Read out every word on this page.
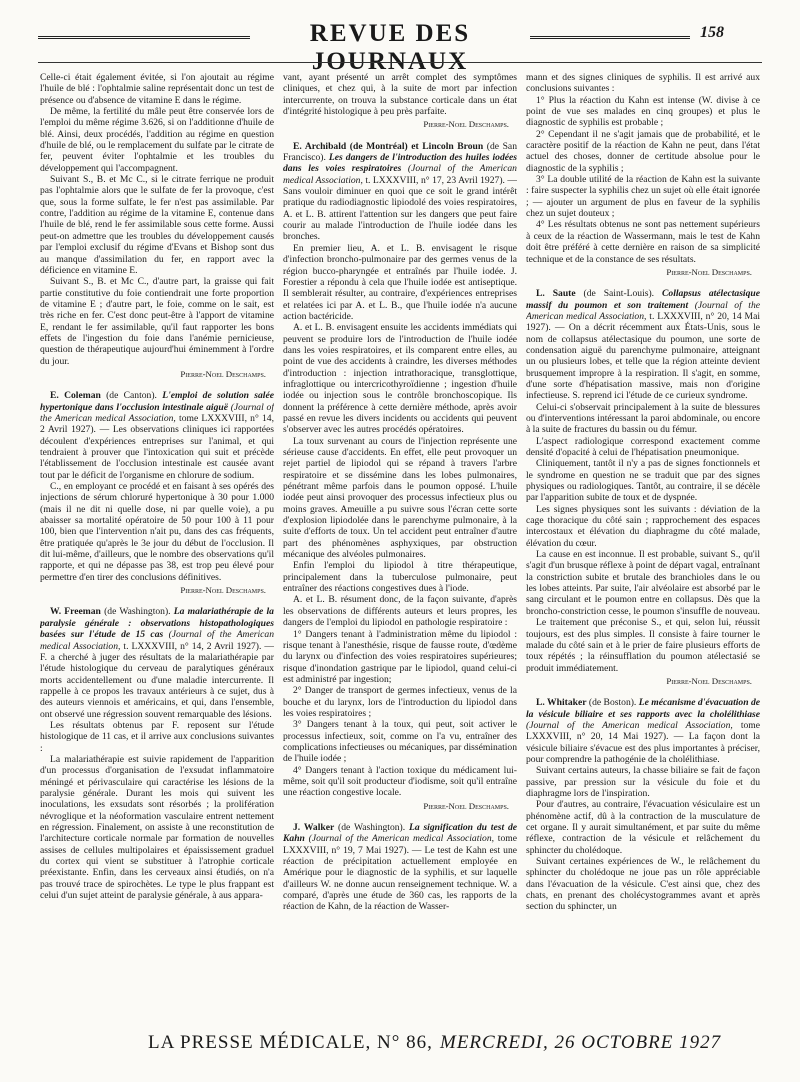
REVUE DES JOURNAUX
158

Celle-ci était également évitée, si l'on ajoutait au régime l'huile de blé : l'ophtalmie saline représentait donc un test de présence ou d'absence de vitamine E dans le régime.

De même, la fertilité du mâle peut être conservée lors de l'emploi du même régime 3.626, si on l'additionne d'huile de blé. Ainsi, deux procédés, l'addition au régime en question d'huile de blé, ou le remplacement du sulfate par le citrate de fer, peuvent éviter l'ophtalmie et les troubles du développement qui l'accompagnent.

Suivant S., B. et Mc C., si le citrate ferrique ne produit pas l'ophtalmie alors que le sulfate de fer la provoque, c'est que, sous la forme sulfate, le fer n'est pas assimilable. Par contre, l'addition au régime de la vitamine E, contenue dans l'huile de blé, rend le fer assimilable sous cette forme. Aussi peut-on admettre que les troubles du développement causés par l'emploi exclusif du régime d'Evans et Bishop sont dus au manque d'assimilation du fer, en rapport avec la déficience en vitamine E.

Suivant S., B. et Mc C., d'autre part, la graisse qui fait partie constitutive du foie contiendrait une forte proportion de vitamine E ; d'autre part, le foie, comme on le sait, est très riche en fer. C'est donc peut-être à l'apport de vitamine E, rendant le fer assimilable, qu'il faut rapporter les bons effets de l'ingestion du foie dans l'anémie pernicieuse, question de thérapeutique aujourd'hui éminemment à l'ordre du jour.

Pierre-Noel Deschamps.

E. Coleman (de Canton). L'emploi de solution salée hypertonique dans l'occlusion intestinale aiguë (Journal of the American medical Association, tome LXXXVIII, n° 14, 2 Avril 1927). — Les observations cliniques ici rapportées découlent d'expériences entreprises sur l'animal, et qui tendraient à prouver que l'intoxication qui suit et précède l'établissement de l'occlusion intestinale est causée avant tout par le déficit de l'organisme en chlorure de sodium.

C., en employant ce procédé et en faisant à ses opérés des injections de sérum chloruré hypertonique à 30 pour 1.000 (mais il ne dit ni quelle dose, ni par quelle voie), a pu abaisser sa mortalité opératoire de 50 pour 100 à 11 pour 100, bien que l'intervention n'ait pu, dans des cas fréquents, être pratiquée qu'après le 3e jour du début de l'occlusion. Il dit lui-même, d'ailleurs, que le nombre des observations qu'il rapporte, et qui ne dépasse pas 38, est trop peu élevé pour permettre d'en tirer des conclusions définitives.

Pierre-Noel Deschamps.

W. Freeman (de Washington). La malariathérapie de la paralysie générale : observations histopathologiques basées sur l'étude de 15 cas (Journal of the American medical Association, t. LXXXVIII, n° 14, 2 Avril 1927). — F. a cherché à juger des résultats de la malariathérapie par l'étude histologique du cerveau de paralytiques généraux morts accidentellement ou d'une maladie intercurrente. Il rappelle à ce propos les travaux antérieurs à ce sujet, dus à des auteurs viennois et américains, et qui, dans l'ensemble, ont observé une régression souvent remarquable des lésions.

Les résultats obtenus par F. reposent sur l'étude histologique de 11 cas, et il arrive aux conclusions suivantes :

La malariathérapie est suivie rapidement de l'apparition d'un processus d'organisation de l'exsudat inflammatoire méningé et périvasculaire qui caractérise les lésions de la paralysie générale. Durant les mois qui suivent les inoculations, les exsudats sont résorbés ; la prolifération névroglique et la néoformation vasculaire entrent nettement en régression. Finalement, on assiste à une reconstitution de l'architecture corticale normale par formation de nouvelles assises de cellules multipolaires et épaississement graduel du cortex qui vient se substituer à l'atrophie corticale préexistante. Enfin, dans les cerveaux ainsi étudiés, on n'a pas trouvé trace de spirochètes. Le type le plus frappant est celui d'un sujet atteint de paralysie générale, à aus appara-

vant, ayant présenté un arrêt complet des symptômes cliniques, et chez qui, à la suite de mort par infection intercurrente, on trouva la substance corticale dans un état d'intégrité histologique à peu près parfaite.

Pierre-Noel Deschamps.

E. Archibald (de Montréal) et Lincoln Broun (de San Francisco). Les dangers de l'introduction des huiles iodées dans les voies respiratoires (Journal of the American medical Association, t. LXXXVIII, n° 17, 23 Avril 1927). — Sans vouloir diminuer en quoi que ce soit le grand intérêt pratique du radiodiagnostic lipiodolé des voies respiratoires, A. et L. B. attirent l'attention sur les dangers que peut faire courir au malade l'introduction de l'huile iodée dans les bronches.

En premier lieu, A. et L. B. envisagent le risque d'infection broncho-pulmonaire par des germes venus de la région bucco-pharyngée et entraînés par l'huile iodée. J. Forestier a répondu à cela que l'huile iodée est antiseptique. Il semblerait résulter, au contraire, d'expériences entreprises et relatées ici par A. et L. B., que l'huile iodée n'a aucune action bactéricide.

A. et L. B. envisagent ensuite les accidents immédiats qui peuvent se produire lors de l'introduction de l'huile iodée dans les voies respiratoires, et ils comparent entre elles, au point de vue des accidents à craindre, les diverses méthodes d'introduction : injection intrathoracique, transglottique, infraglottique ou intercricothyroïdienne ; ingestion d'huile iodée ou injection sous le contrôle bronchoscopique. Ils donnent la préférence à cette dernière méthode, après avoir passé en revue les divers incidents ou accidents qui peuvent s'observer avec les autres procédés opératoires.

La toux survenant au cours de l'injection représente une sérieuse cause d'accidents. En effet, elle peut provoquer un rejet partiel de lipiodol qui se répand à travers l'arbre respiratoire et se dissémine dans les lobes pulmonaires, pénétrant même parfois dans le poumon opposé. L'huile iodée peut ainsi provoquer des processus infectieux plus ou moins graves. Ameuille a pu suivre sous l'écran cette sorte d'explosion lipiodolée dans le parenchyme pulmonaire, à la suite d'efforts de toux. Un tel accident peut entraîner d'autre part des phénomènes asphyxiques, par obstruction mécanique des alvéoles pulmonaires.

Enfin l'emploi du lipiodol à titre thérapeutique, principalement dans la tuberculose pulmonaire, peut entraîner des réactions congestives dues à l'iode.

A. et L. B. résument donc, de la façon suivante, d'après les observations de différents auteurs et leurs propres, les dangers de l'emploi du lipiodol en pathologie respiratoire :

1° Dangers tenant à l'administration même du lipiodol : risque tenant à l'anesthésie, risque de fausse route, d'œdème du larynx ou d'infection des voies respiratoires supérieures; risque d'inondation gastrique par le lipiodol, quand celui-ci est administré par ingestion;

2° Danger de transport de germes infectieux, venus de la bouche et du larynx, lors de l'introduction du lipiodol dans les voies respiratoires ;

3° Dangers tenant à la toux, qui peut, soit activer le processus infectieux, soit, comme on l'a vu, entraîner des complications infectieuses ou mécaniques, par dissémination de l'huile iodée ;

4° Dangers tenant à l'action toxique du médicament lui-même, soit qu'il soit producteur d'iodisme, soit qu'il entraîne une réaction congestive locale.

Pierre-Noel Deschamps.

J. Walker (de Washington). La signification du test de Kahn (Journal of the American medical Association, tome LXXXVIII, n° 19, 7 Mai 1927). — Le test de Kahn est une réaction de précipitation actuellement employée en Amérique pour le diagnostic de la syphilis, et sur laquelle d'ailleurs W. ne donne aucun renseignement technique. W. a comparé, d'après une étude de 360 cas, les rapports de la réaction de Kahn, de la réaction de Wasser-

mann et des signes cliniques de syphilis. Il est arrivé aux conclusions suivantes :

1° Plus la réaction du Kahn est intense (W. divise à ce point de vue ses malades en cinq groupes) et plus le diagnostic de syphilis est probable ;

2° Cependant il ne s'agit jamais que de probabilité, et le caractère positif de la réaction de Kahn ne peut, dans l'état actuel des choses, donner de certitude absolue pour le diagnostic de la syphilis ;

3° La double utilité de la réaction de Kahn est la suivante : faire suspecter la syphilis chez un sujet où elle était ignorée ; — ajouter un argument de plus en faveur de la syphilis chez un sujet douteux ;

4° Les résultats obtenus ne sont pas nettement supérieurs à ceux de la réaction de Wassermann, mais le test de Kahn doit être préféré à cette dernière en raison de sa simplicité technique et de la constance de ses résultats.

Pierre-Noel Deschamps.

L. Saute (de Saint-Louis). Collapsus atélectasique massif du poumon et son traitement (Journal of the American medical Association, t. LXXXVIII, n° 20, 14 Mai 1927). — On a décrit récemment aux États-Unis, sous le nom de collapsus atélectasique du poumon, une sorte de condensation aiguë du parenchyme pulmonaire, atteignant un ou plusieurs lobes, et telle que la région atteinte devient brusquement impropre à la respiration. Il s'agit, en somme, d'une sorte d'hépatisation massive, mais non d'origine infectieuse. S. reprend ici l'étude de ce curieux syndrome.

Celui-ci s'observait principalement à la suite de blessures ou d'interventions intéressant la paroi abdominale, ou encore à la suite de fractures du bassin ou du fémur.

L'aspect radiologique correspond exactement comme densité d'opacité à celui de l'hépatisation pneumonique.

Cliniquement, tantôt il n'y a pas de signes fonctionnels et le syndrome en question ne se traduit que par des signes physiques ou radiologiques. Tantôt, au contraire, il se décèle par l'apparition subite de toux et de dyspnée.

Les signes physiques sont les suivants : déviation de la cage thoracique du côté sain ; rapprochement des espaces intercostaux et élévation du diaphragme du côté malade, élévation du cœur.

La cause en est inconnue. Il est probable, suivant S., qu'il s'agit d'un brusque réflexe à point de départ vagal, entraînant la constriction subite et brutale des branchioles dans le ou les lobes atteints. Par suite, l'air alvéolaire est absorbé par le sang circulant et le poumon entre en collapsus. Dès que la broncho-constriction cesse, le poumon s'insuffle de nouveau.

Le traitement que préconise S., et qui, selon lui, réussit toujours, est des plus simples. Il consiste à faire tourner le malade du côté sain et à le prier de faire plusieurs efforts de toux répétés ; la réinsufflation du poumon atélectasié se produit immédiatement.

Pierre-Noel Deschamps.

L. Whitaker (de Boston). Le mécanisme d'évacuation de la vésicule biliaire et ses rapports avec la cholélithiase (Journal of the American medical Association, tome LXXXVIII, n° 20, 14 Mai 1927). — La façon dont la vésicule biliaire s'évacue est des plus importantes à préciser, pour comprendre la pathogénie de la cholélithiase.

Suivant certains auteurs, la chasse biliaire se fait de façon passive, par pression sur la vésicule du foie et du diaphragme lors de l'inspiration.

Pour d'autres, au contraire, l'évacuation vésiculaire est un phénomène actif, dû à la contraction de la musculature de cet organe. Il y aurait simultanément, et par suite du même réflexe, contraction de la vésicule et relâchement du sphincter du cholédoque.

Suivant certaines expériences de W., le relâchement du sphincter du cholédoque ne joue pas un rôle appréciable dans l'évacuation de la vésicule. C'est ainsi que, chez des chats, en prenant des cholécystogrammes avant et après section du sphincter, un

LA PRESSE MÉDICALE, N° 86, MERCREDI, 26 OCTOBRE 1927
